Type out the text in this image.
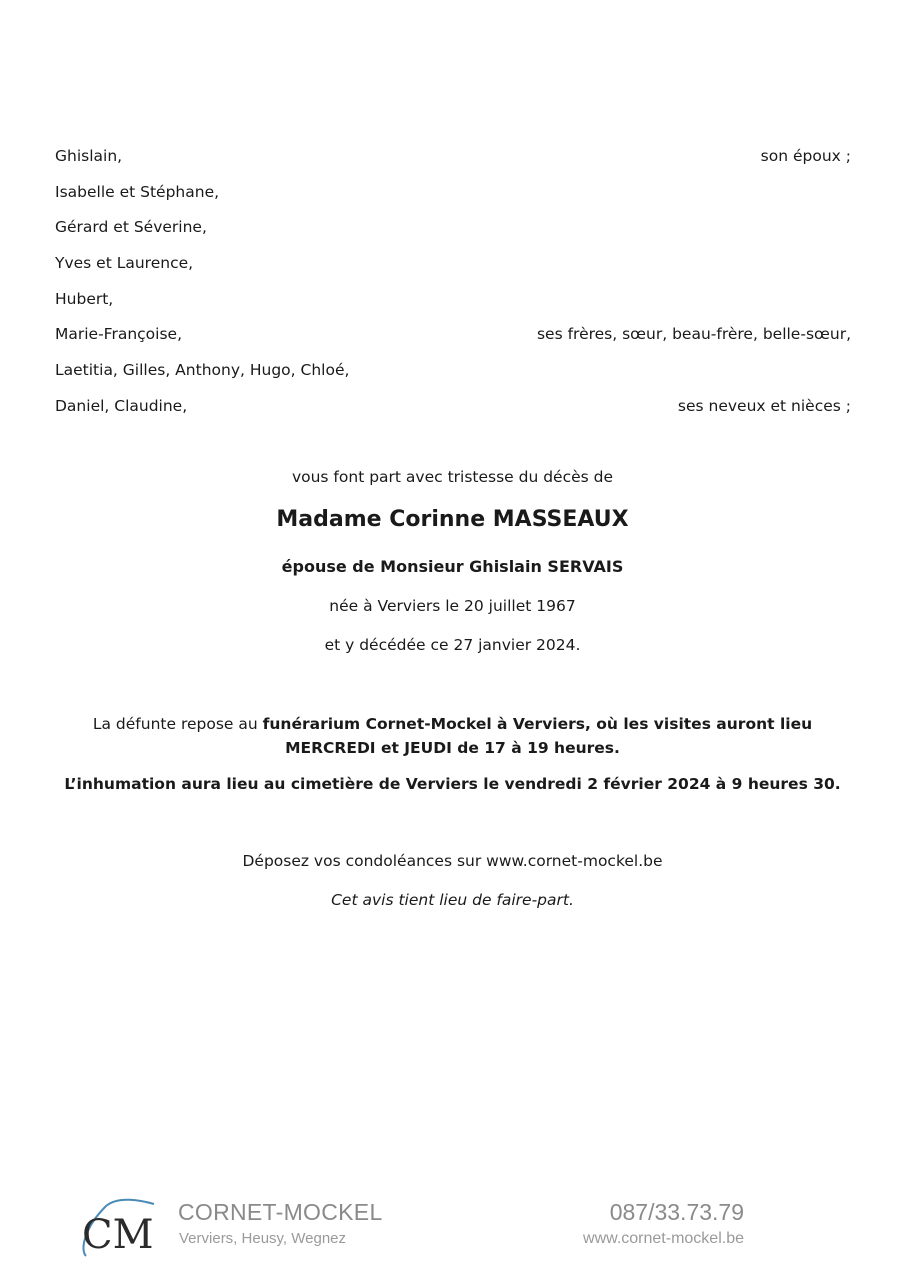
Ghislain,	son époux ;
Isabelle et Stéphane,
Gérard et Séverine,
Yves et Laurence,
Hubert,
Marie-Françoise,	ses frères, sœur, beau-frère, belle-sœur,
Laetitia, Gilles, Anthony, Hugo, Chloé,
Daniel, Claudine,	ses neveux et nièces ;
vous font part avec tristesse du décès de
Madame Corinne MASSEAUX
épouse de Monsieur Ghislain SERVAIS
née à Verviers le 20 juillet 1967
et y décédée ce 27 janvier 2024.
La défunte repose au funérarium Cornet-Mockel à Verviers, où les visites auront lieu MERCREDI et JEUDI de 17 à 19 heures.
L’inhumation aura lieu au cimetière de Verviers le vendredi 2 février 2024 à 9 heures 30.
Déposez vos condoléances sur www.cornet-mockel.be
Cet avis tient lieu de faire-part.
CM CORNET-MOCKEL
Verviers, Heusy, Wegnez
087/33.73.79
www.cornet-mockel.be
